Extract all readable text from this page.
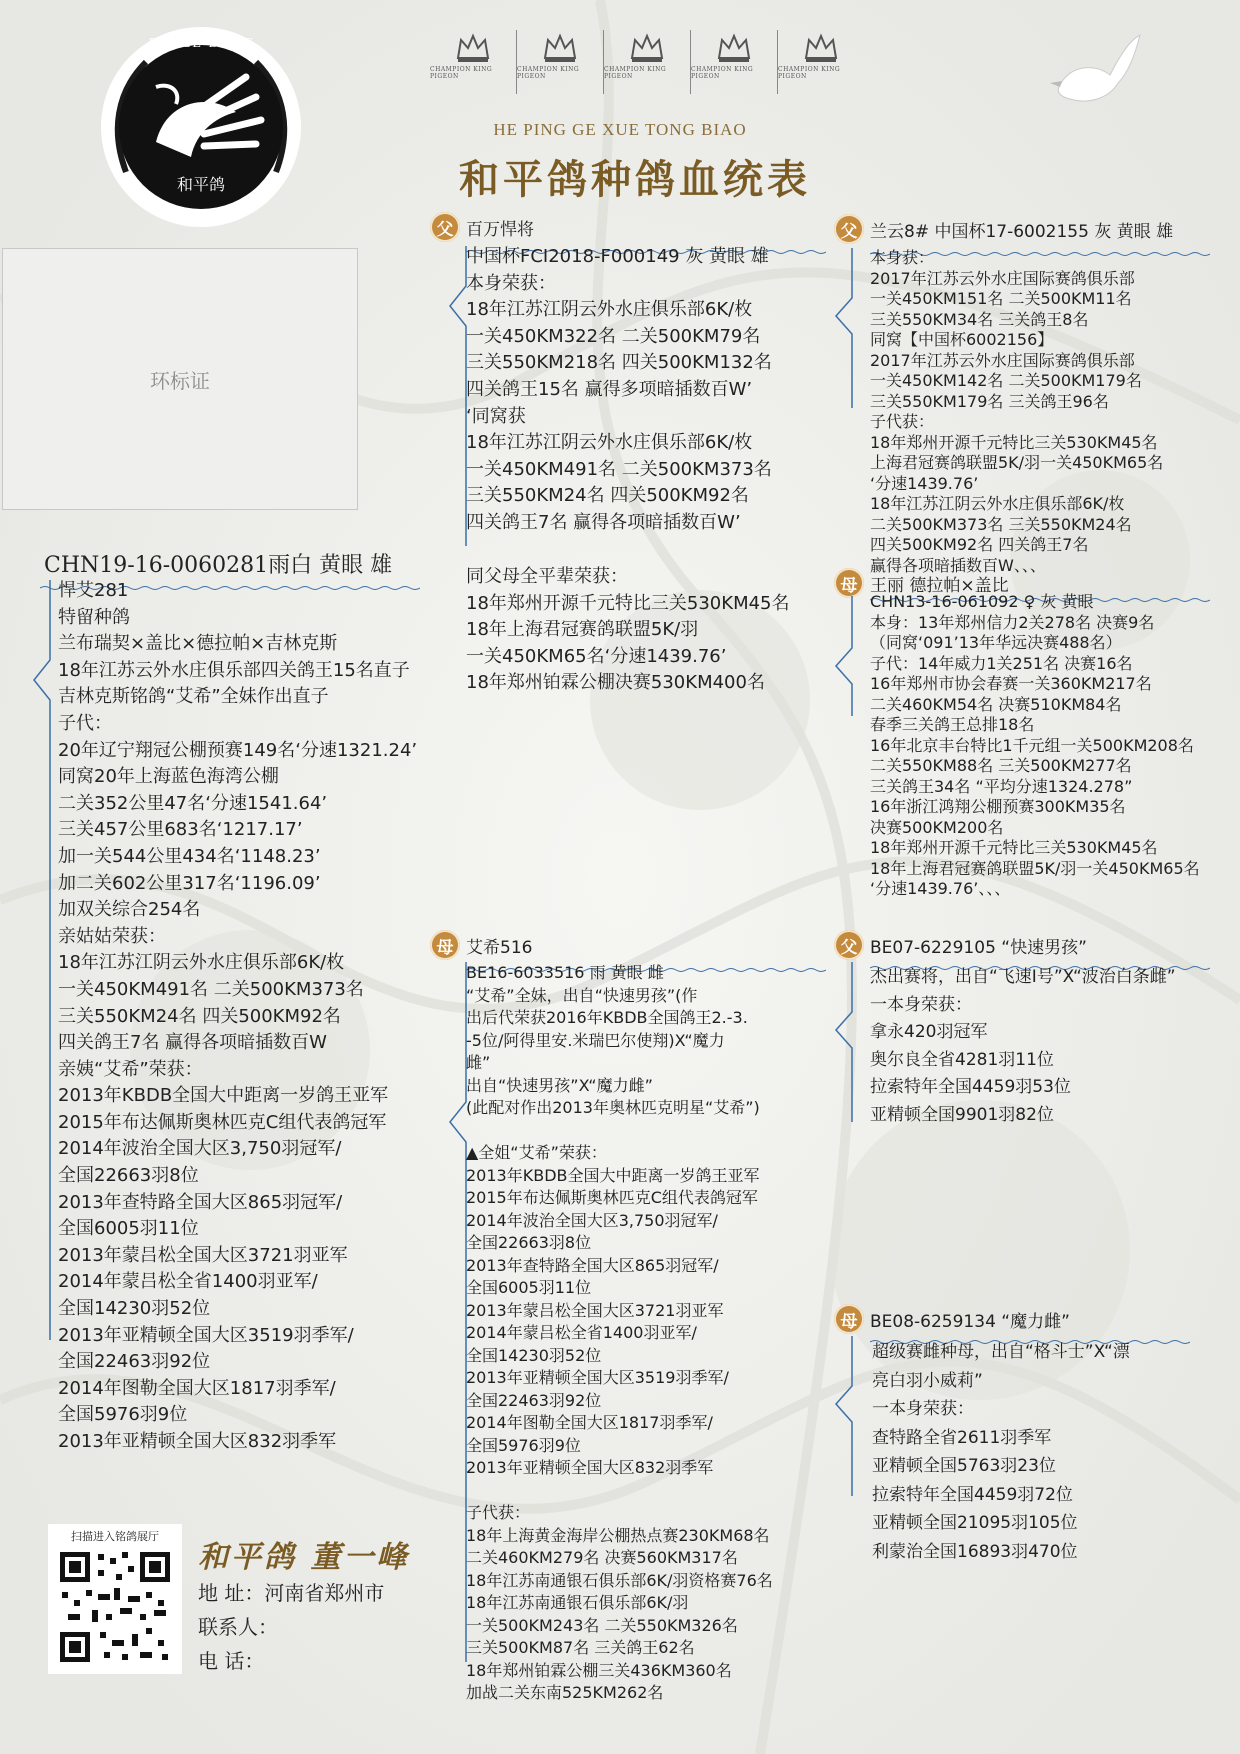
PEACE DOVE
和平鸽
CHAMPION KING PIGEON
CHAMPION KING PIGEON
CHAMPION KING PIGEON
CHAMPION KING PIGEON
CHAMPION KING PIGEON
HE PING GE XUE TONG BIAO
和平鸽种鸽血统表
环标证
CHN19-16-0060281雨白 黄眼 雄
悍艾281
特留种鸽
兰布瑞契×盖比×德拉帕×吉林克斯
18年江苏云外水庄俱乐部四关鸽王15名直子
吉林克斯铭鸽“艾希”全妹作出直子
子代：
20年辽宁翔冠公棚预赛149名‘分速1321.24’
同窝20年上海蓝色海湾公棚
二关352公里47名‘分速1541.64’
三关457公里683名‘1217.17’
加一关544公里434名‘1148.23’
加二关602公里317名‘1196.09’
加双关综合254名
亲姑姑荣获：
18年江苏江阴云外水庄俱乐部6K/枚
一关450KM491名 二关500KM373名
三关550KM24名 四关500KM92名
四关鸽王7名 赢得各项暗插数百W
亲姨“艾希”荣获：
2013年KBDB全国大中距离一岁鸽王亚军
2015年布达佩斯奥林匹克C组代表鸽冠军
2014年波治全国大区3,750羽冠军/
全国22663羽8位
2013年查特路全国大区865羽冠军/
全国6005羽11位
2013年蒙吕松全国大区3721羽亚军
2014年蒙吕松全省1400羽亚军/
全国14230羽52位
2013年亚精顿全国大区3519羽季军/
全国22463羽92位
2014年图勒全国大区1817羽季军/
全国5976羽9位
2013年亚精顿全国大区832羽季军
父 百万悍将
中国杯FCI2018-F000149 灰 黄眼 雄
本身荣获：
18年江苏江阴云外水庄俱乐部6K/枚
一关450KM322名 二关500KM79名
三关550KM218名 四关500KM132名
四关鸽王15名 赢得多项暗插数百W’
‘同窝获
18年江苏江阴云外水庄俱乐部6K/枚
一关450KM491名 二关500KM373名
三关550KM24名 四关500KM92名
四关鸽王7名 赢得各项暗插数百W’
同父母全平辈荣获：
18年郑州开源千元特比三关530KM45名
18年上海君冠赛鸽联盟5K/羽
一关450KM65名‘分速1439.76’
18年郑州铂霖公棚决赛530KM400名
母 艾希516
BE16-6033516 雨 黄眼 雌
“艾希”全妹，出自“快速男孩”(作
出后代荣获2016年KBDB全国鸽王2.-3.
-5位/阿得里安.米瑞巴尔使翔)X“魔力
雌”
出自“快速男孩”X“魔力雌”
(此配对作出2013年奥林匹克明星“艾希”)

▲全姐“艾希”荣获：
2013年KBDB全国大中距离一岁鸽王亚军
2015年布达佩斯奥林匹克C组代表鸽冠军
2014年波治全国大区3,750羽冠军/
全国22663羽8位
2013年查特路全国大区865羽冠军/
全国6005羽11位
2013年蒙吕松全国大区3721羽亚军
2014年蒙吕松全省1400羽亚军/
全国14230羽52位
2013年亚精顿全国大区3519羽季军/
全国22463羽92位
2014年图勒全国大区1817羽季军/
全国5976羽9位
2013年亚精顿全国大区832羽季军

子代获：
18年上海黄金海岸公棚热点赛230KM68名
二关460KM279名 决赛560KM317名
18年江苏南通银石俱乐部6K/羽资格赛76名
18年江苏南通银石俱乐部6K/羽
一关500KM243名 二关550KM326名
三关500KM87名 三关鸽王62名
18年郑州铂霖公棚三关436KM360名
加战二关东南525KM262名
父 兰云8# 中国杯17-6002155 灰 黄眼 雄
本身获：
2017年江苏云外水庄国际赛鸽俱乐部
一关450KM151名 二关500KM11名
三关550KM34名 三关鸽王8名
同窝【中国杯6002156】
2017年江苏云外水庄国际赛鸽俱乐部
一关450KM142名 二关500KM179名
三关550KM179名 三关鸽王96名
子代获：
18年郑州开源千元特比三关530KM45名
上海君冠赛鸽联盟5K/羽一关450KM65名
‘分速1439.76’
18年江苏江阴云外水庄俱乐部6K/枚
二关500KM373名 三关550KM24名
四关500KM92名 四关鸽王7名
赢得各项暗插数百W、、、
母 王丽 德拉帕×盖比
CHN13-16-061092 ♀ 灰 黄眼
本身：13年郑州信力2关278名 决赛9名
（同窝‘091’13年华远决赛488名）
子代：14年威力1关251名 决赛16名
16年郑州市协会春赛一关360KM217名
二关460KM54名 决赛510KM84名
春季三关鸽王总排18名
16年北京丰台特比1千元组一关500KM208名
二关550KM88名 三关500KM277名
三关鸽王34名 “平均分速1324.278”
16年浙江鸿翔公棚预赛300KM35名
决赛500KM200名
18年郑州开源千元特比三关530KM45名
18年上海君冠赛鸽联盟5K/羽一关450KM65名
‘分速1439.76’、、、
父 BE07-6229105 “快速男孩”
杰出赛将，出自“飞速Ⅰ号”X“波治白条雌”
一本身荣获：
拿永420羽冠军
奥尔良全省4281羽11位
拉索特年全国4459羽53位
亚精顿全国9901羽82位
母 BE08-6259134 “魔力雌”
超级赛雌种母，出自“格斗士”X“漂
亮白羽小威莉”
一本身荣获：
查特路全省2611羽季军
亚精顿全国5763羽23位
拉索特年全国4459羽72位
亚精顿全国21095羽105位
利蒙治全国16893羽470位
扫描进入铭鸽展厅
和平鸽 董一峰
地 址：河南省郑州市
联系人：
电 话：
